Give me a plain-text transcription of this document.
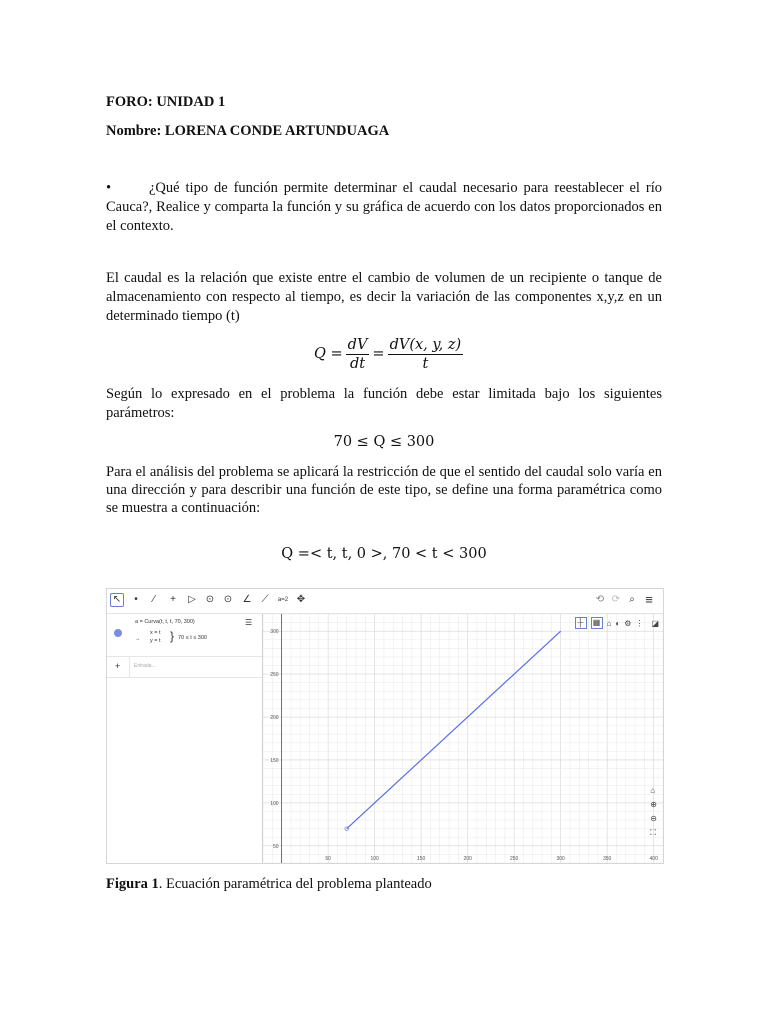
FORO: UNIDAD 1
Nombre: LORENA CONDE ARTUNDUAGA
•	¿Qué tipo de función permite determinar el caudal necesario para reestablecer el río Cauca?, Realice y comparta la función y su gráfica de acuerdo con los datos proporcionados en el contexto.
El caudal es la relación que existe entre el cambio de volumen de un recipiente o tanque de almacenamiento con respecto al tiempo, es decir la variación de las componentes x,y,z en un determinado tiempo (t)
$Q = \frac{dV}{dt} = \frac{dV(x, y, z)}{t}$
Según lo expresado en el problema la función debe estar limitada bajo los siguientes parámetros:
70 ≤ Q ≤ 300
Para el análisis del problema se aplicará la restricción de que el sentido del caudal solo varía en una dirección y para describir una función de este tipo, se define una forma paramétrica como se muestra a continuación:
Q =< t, t, 0 >, 70 < t < 300
↖	•	⁄	+	▷ ⊙ ⊙ ∠	⟋	a=2 ✥	⟲ ⟳ ⌕ ≡
a = Curva(t, t, t, 70, 300)
→
x = t
y = t } 70 ≤ t ≤ 300
☰
+	Entrada...
50	100	150	200	250	300	350	400
50
100
150
200
250
300
┼	▦ ⌂ ◐ ⚙ ⋮ ◪
⌂
⊕
⊖
⛶
Figura 1. Ecuación paramétrica del problema planteado
